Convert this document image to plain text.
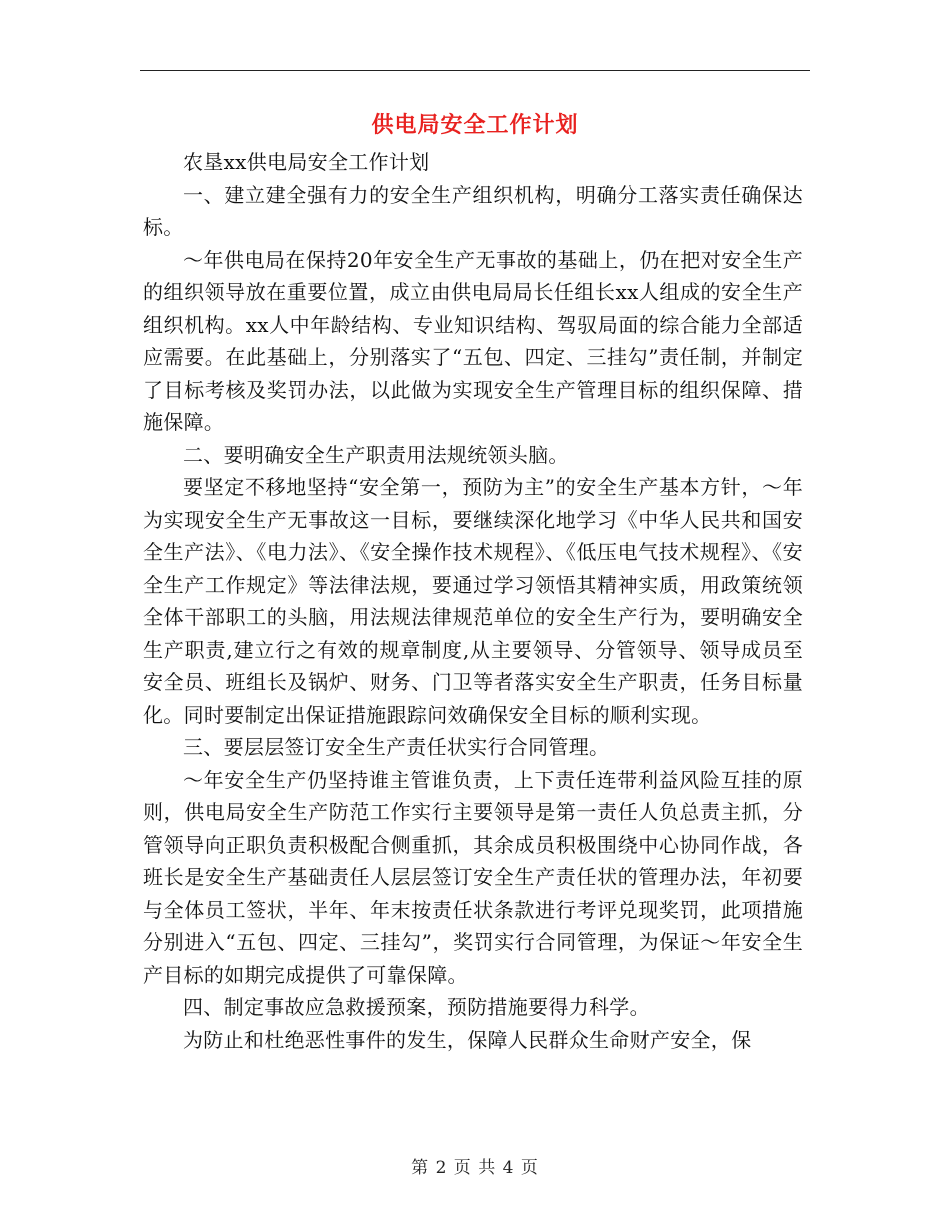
供电局安全工作计划

农垦xx供电局安全工作计划

一、建立建全强有力的安全生产组织机构，明确分工落实责任确保达标。

～年供电局在保持20年安全生产无事故的基础上，仍在把对安全生产的组织领导放在重要位置，成立由供电局局长任组长xx人组成的安全生产组织机构。xx人中年龄结构、专业知识结构、驾驭局面的综合能力全部适应需要。在此基础上，分别落实了“五包、四定、三挂勾”责任制，并制定了目标考核及奖罚办法，以此做为实现安全生产管理目标的组织保障、措施保障。

二、要明确安全生产职责用法规统领头脑。

要坚定不移地坚持“安全第一，预防为主”的安全生产基本方针，～年为实现安全生产无事故这一目标，要继续深化地学习《中华人民共和国安全生产法》、《电力法》、《安全操作技术规程》、《低压电气技术规程》、《安全生产工作规定》等法律法规，要通过学习领悟其精神实质，用政策统领全体干部职工的头脑，用法规法律规范单位的安全生产行为，要明确安全生产职责,建立行之有效的规章制度,从主要领导、分管领导、领导成员至安全员、班组长及锅炉、财务、门卫等者落实安全生产职责，任务目标量化。同时要制定出保证措施跟踪问效确保安全目标的顺利实现。

三、要层层签订安全生产责任状实行合同管理。

～年安全生产仍坚持谁主管谁负责，上下责任连带利益风险互挂的原则，供电局安全生产防范工作实行主要领导是第一责任人负总责主抓，分管领导向正职负责积极配合侧重抓，其余成员积极围绕中心协同作战，各班长是安全生产基础责任人层层签订安全生产责任状的管理办法，年初要与全体员工签状，半年、年末按责任状条款进行考评兑现奖罚，此项措施分别进入“五包、四定、三挂勾”，奖罚实行合同管理，为保证～年安全生产目标的如期完成提供了可靠保障。

四、制定事故应急救援预案，预防措施要得力科学。

为防止和杜绝恶性事件的发生，保障人民群众生命财产安全，保

第 2 页 共 4 页
